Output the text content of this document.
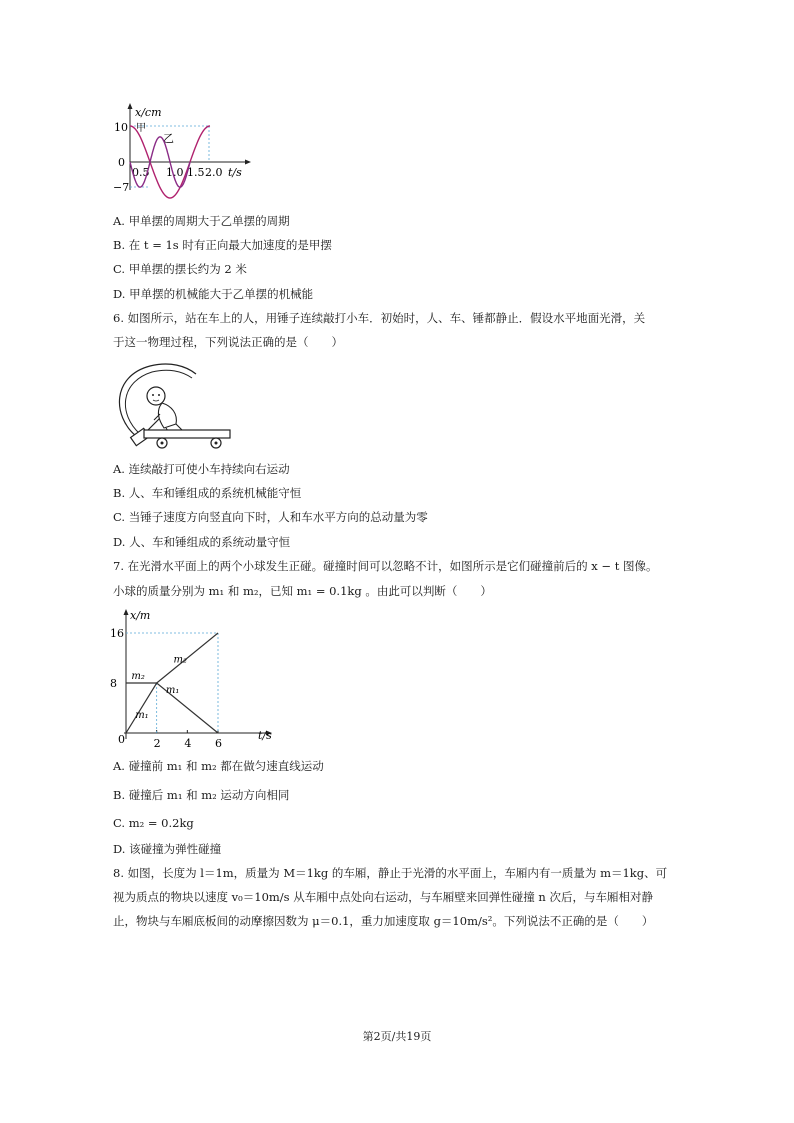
x/cm
10
0
−7
0.5 1.0 1.5 2.0 t/s
甲
乙
A. 甲单摆的周期大于乙单摆的周期
B. 在 t = 1s 时有正向最大加速度的是甲摆
C. 甲单摆的摆长约为 2 米
D. 甲单摆的机械能大于乙单摆的机械能
6. 如图所示，站在车上的人，用锤子连续敲打小车．初始时，人、车、锤都静止．假设水平地面光滑，关
于这一物理过程，下列说法正确的是（　　）
A. 连续敲打可使小车持续向右运动
B. 人、车和锤组成的系统机械能守恒
C. 当锤子速度方向竖直向下时，人和车水平方向的总动量为零
D. 人、车和锤组成的系统动量守恒
7. 在光滑水平面上的两个小球发生正碰。碰撞时间可以忽略不计，如图所示是它们碰撞前后的 x − t 图像。
小球的质量分别为 m₁ 和 m₂，已知 m₁ = 0.1kg 。由此可以判断（　　）
x/m
t/s
16
8
0	2 4 6
m₂
m₁
m₂
m₁
A. 碰撞前 m₁ 和 m₂ 都在做匀速直线运动
B. 碰撞后 m₁ 和 m₂ 运动方向相同
C. m₂ = 0.2kg
D. 该碰撞为弹性碰撞
8. 如图，长度为 l＝1m，质量为 M＝1kg 的车厢，静止于光滑的水平面上，车厢内有一质量为 m＝1kg、可
视为质点的物块以速度 v₀＝10m/s 从车厢中点处向右运动，与车厢壁来回弹性碰撞 n 次后，与车厢相对静
止，物块与车厢底板间的动摩擦因数为 μ＝0.1，重力加速度取 g＝10m/s²。下列说法不正确的是（　　）
第2页/共19页
